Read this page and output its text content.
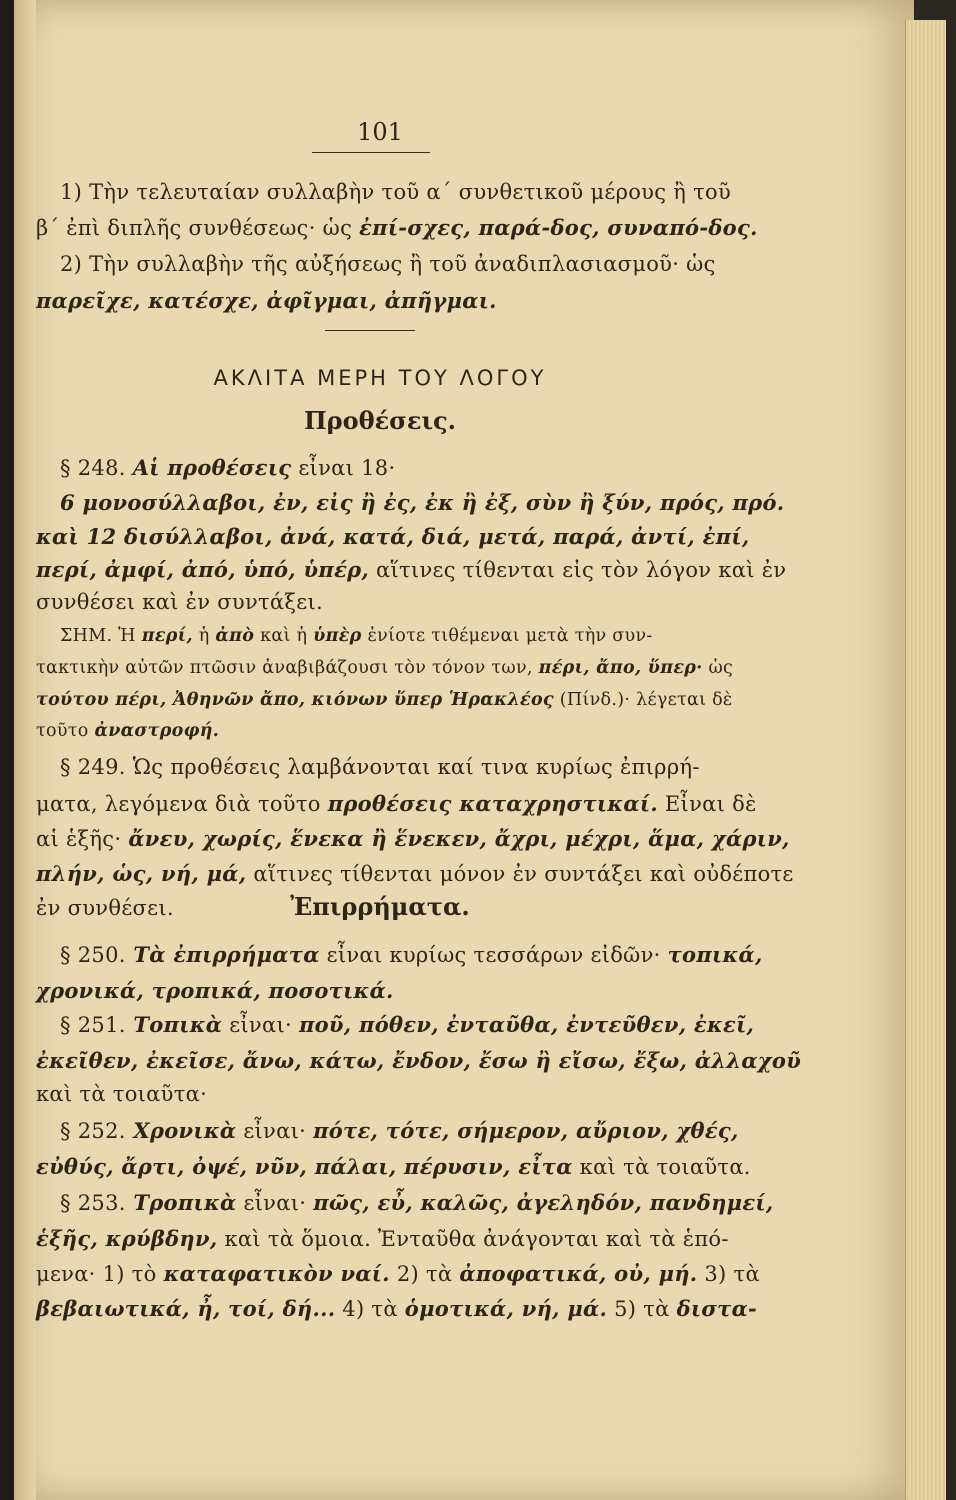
101
1) Τὴν τελευταίαν συλλαβὴν τοῦ α΄ συνθετικοῦ μέρους ἢ τοῦ
β΄ ἐπὶ διπλῆς συνθέσεως· ὡς ἐπί-σχες, παρά-δος, συναπό-δος.
2) Τὴν συλλαβὴν τῆς αὐξήσεως ἢ τοῦ ἀναδιπλασιασμοῦ· ὡς
παρεῖχε, κατέσχε, ἀφῖγμαι, ἀπῆγμαι.
ΑΚΛΙΤΑ ΜΕΡΗ ΤΟΥ ΛΟΓΟΥ
Προθέσεις.
§ 248. Αἱ προθέσεις εἶναι 18·
6 μονοσύλλαβοι, ἐν, εἰς ἢ ἐς, ἐκ ἢ ἐξ, σὺν ἢ ξύν, πρός, πρό.
καὶ 12 δισύλλαβοι, ἀνά, κατά, διά, μετά, παρά, ἀντί, ἐπί,
περί, ἀμφί, ἀπό, ὑπό, ὑπέρ, αἵτινες τίθενται εἰς τὸν λόγον καὶ ἐν
συνθέσει καὶ ἐν συντάξει.
ΣΗΜ. Ἡ περί, ἡ ἀπὸ καὶ ἡ ὑπὲρ ἐνίοτε τιθέμεναι μετὰ τὴν συν-
τακτικὴν αὐτῶν πτῶσιν ἀναβιβάζουσι τὸν τόνον των, πέρι, ἄπο, ὕπερ· ὡς
τούτου πέρι, Ἀθηνῶν ἄπο, κιόνων ὕπερ Ἡρακλέος (Πίνδ.)· λέγεται δὲ
τοῦτο ἀναστροφή.
§ 249. Ὡς προθέσεις λαμβάνονται καί τινα κυρίως ἐπιρρή-
ματα, λεγόμενα διὰ τοῦτο προθέσεις καταχρηστικαί. Εἶναι δὲ
αἱ ἑξῆς· ἄνευ, χωρίς, ἕνεκα ἢ ἕνεκεν, ἄχρι, μέχρι, ἅμα, χάριν,
πλήν, ὡς, νή, μά, αἵτινες τίθενται μόνον ἐν συντάξει καὶ οὐδέποτε
ἐν συνθέσει.	Ἐπιρρήματα.
§ 250. Τὰ ἐπιρρήματα εἶναι κυρίως τεσσάρων εἰδῶν· τοπικά,
χρονικά, τροπικά, ποσοτικά.
§ 251. Τοπικὰ εἶναι· ποῦ, πόθεν, ἐνταῦθα, ἐντεῦθεν, ἐκεῖ,
ἐκεῖθεν, ἐκεῖσε, ἄνω, κάτω, ἔνδον, ἔσω ἢ εἴσω, ἔξω, ἀλλαχοῦ
καὶ τὰ τοιαῦτα·
§ 252. Χρονικὰ εἶναι· πότε, τότε, σήμερον, αὔριον, χθές,
εὐθύς, ἄρτι, ὀψέ, νῦν, πάλαι, πέρυσιν, εἶτα καὶ τὰ τοιαῦτα.
§ 253. Τροπικὰ εἶναι· πῶς, εὖ, καλῶς, ἀγεληδόν, πανδημεί,
ἑξῆς, κρύβδην, καὶ τὰ ὅμοια. Ἐνταῦθα ἀνάγονται καὶ τὰ ἑπό-
μενα· 1) τὸ καταφατικὸν ναί. 2) τὰ ἀποφατικά, οὐ, μή. 3) τὰ
βεβαιωτικά, ἦ, τοί, δή... 4) τὰ ὁμοτικά, νή, μά. 5) τὰ διστα-
